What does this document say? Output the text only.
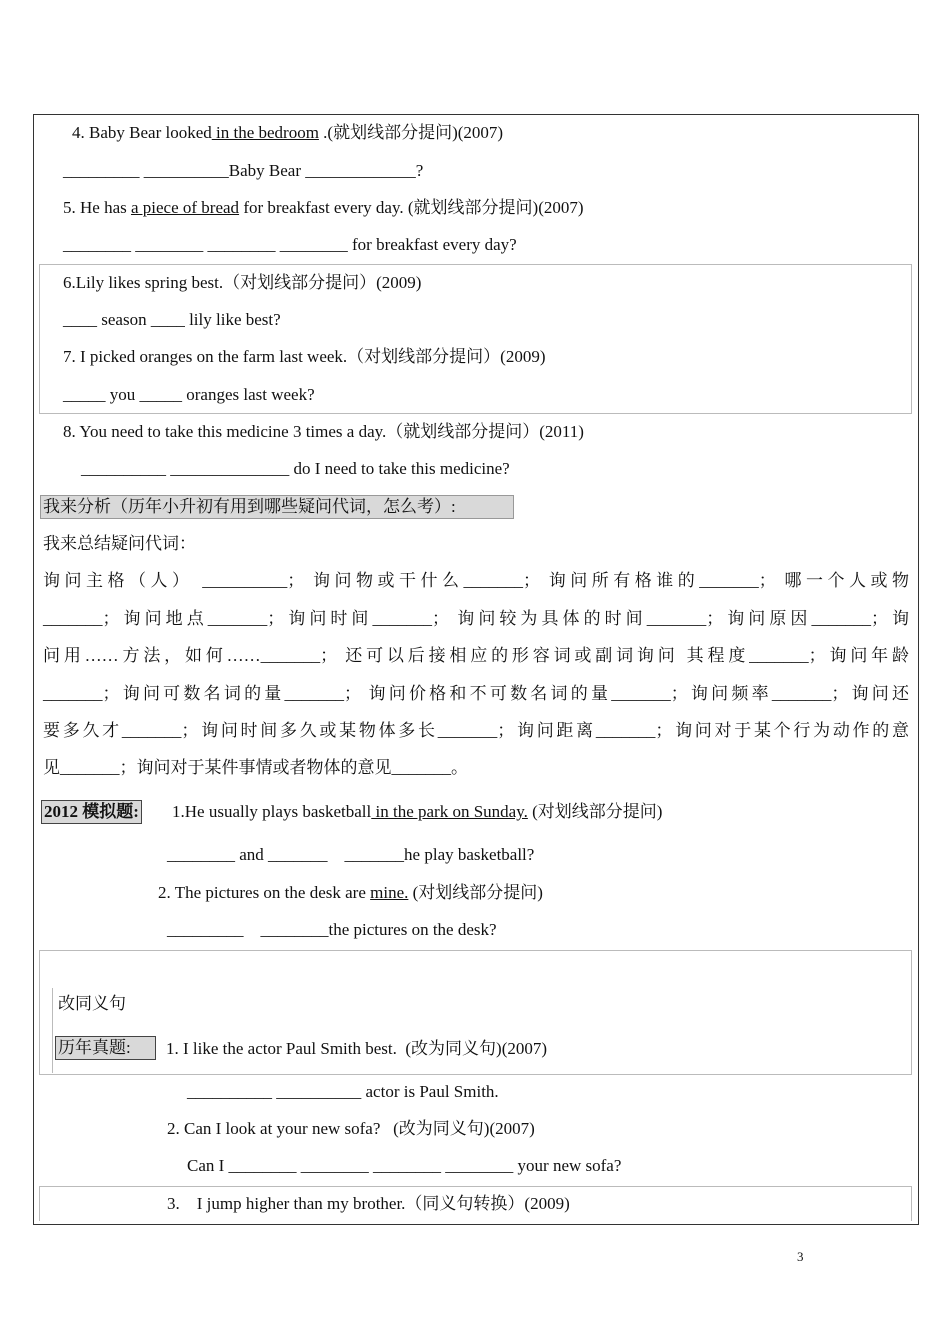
4. Baby Bear looked in the bedroom .(就划线部分提问)(2007)
_________ __________Baby Bear _____________?
5. He has a piece of bread for breakfast every day. (就划线部分提问)(2007)
________ ________ ________ ________ for breakfast every day?
6.Lily likes spring best.（对划线部分提问）(2009)
____ season ____ lily like best?
7. I picked oranges on the farm last week.（对划线部分提问）(2009)
_____ you _____ oranges last week?
8. You need to take this medicine 3 times a day.（就划线部分提问）(2011)
__________ ______________ do I need to take this medicine?
我来分析（历年小升初有用到哪些疑问代词，怎么考）:
我来总结疑问代词：
询问主格（人） __________； 询问物或干什么_______； 询问所有格谁的_______； 哪一个人或物
_______；询问地点_______；询问时间_______； 询问较为具体的时间_______；询问原因_______；询
问用……方法，如何……_______； 还可以后接相应的形容词或副词询问 其程度_______；询问年龄
_______；询问可数名词的量_______； 询问价格和不可数名词的量_______；询问频率_______；询问还
要多久才_______；询问时间多久或某物体多长_______；询问距离_______；询问对于某个行为动作的意
见_______；询问对于某件事情或者物体的意见_______。
2012 模拟题: 1.He usually plays basketball in the park on Sunday. (对划线部分提问)
________ and _______    _______he play basketball?
2. The pictures on the desk are mine. (对划线部分提问)
_________    ________the pictures on the desk?
改同义句
历年真题:	1. I like the actor Paul Smith best.  (改为同义句)(2007)
__________ __________ actor is Paul Smith.
2. Can I look at your new sofa?   (改为同义句)(2007)
Can I ________ ________ ________ ________ your new sofa?
3.    I jump higher than my brother.（同义句转换）(2009)
3
